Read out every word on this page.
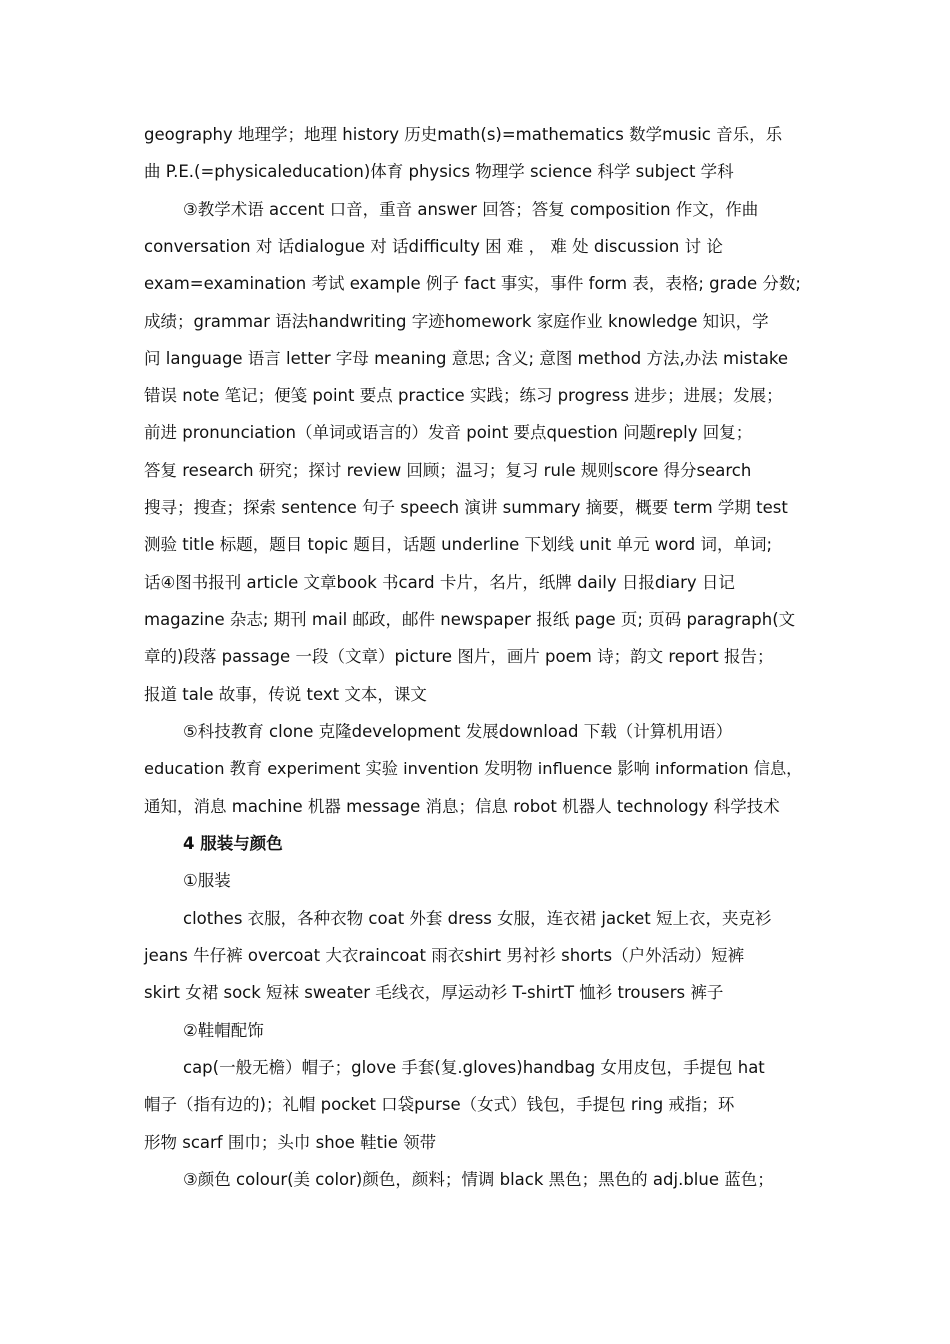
geography 地理学；地理 history 历史math(s)=mathematics 数学music 音乐，乐
曲 P.E.(=physicaleducation)体育 physics 物理学 science 科学 subject 学科
③教学术语 accent 口音，重音 answer 回答；答复 composition 作文，作曲
conversation 对 话dialogue 对 话difficulty 困 难 ， 难 处 discussion 讨 论
exam=examination 考试 example 例子 fact 事实，事件 form 表，表格; grade 分数;
成绩；grammar 语法handwriting 字迹homework 家庭作业 knowledge 知识，学
问 language 语言 letter 字母 meaning 意思; 含义; 意图 method 方法,办法 mistake
错误 note 笔记；便笺 point 要点 practice 实践；练习 progress 进步；进展；发展；
前进 pronunciation（单词或语言的）发音 point 要点question 问题reply 回复；
答复 research 研究；探讨 review 回顾；温习；复习 rule 规则score 得分search
搜寻；搜查；探索 sentence 句子 speech 演讲 summary 摘要，概要 term 学期 test
测验 title 标题，题目 topic 题目，话题 underline 下划线 unit 单元 word 词，单词;
话④图书报刊 article 文章book 书card 卡片，名片，纸牌 daily 日报diary 日记
magazine 杂志; 期刊 mail 邮政，邮件 newspaper 报纸 page 页; 页码 paragraph(文
章的)段落 passage 一段（文章）picture 图片，画片 poem 诗；韵文 report 报告；
报道 tale 故事，传说 text 文本，课文
⑤科技教育 clone 克隆development 发展download 下载（计算机用语）
education 教育 experiment 实验 invention 发明物 influence 影响 information 信息，
通知，消息 machine 机器 message 消息；信息 robot 机器人 technology 科学技术
4 服装与颜色
①服装
clothes 衣服，各种衣物 coat 外套 dress 女服，连衣裙 jacket 短上衣，夹克衫
jeans 牛仔裤 overcoat 大衣raincoat 雨衣shirt 男衬衫 shorts（户外活动）短裤
skirt 女裙 sock 短袜 sweater 毛线衣，厚运动衫 T-shirtT 恤衫 trousers 裤子
②鞋帽配饰
cap(一般无檐）帽子；glove 手套(复.gloves)handbag 女用皮包，手提包 hat
帽子（指有边的)；礼帽 pocket 口袋purse（女式）钱包，手提包 ring 戒指；环
形物 scarf 围巾；头巾 shoe 鞋tie 领带
③颜色 colour(美 color)颜色，颜料；情调 black 黑色；黑色的 adj.blue 蓝色；
